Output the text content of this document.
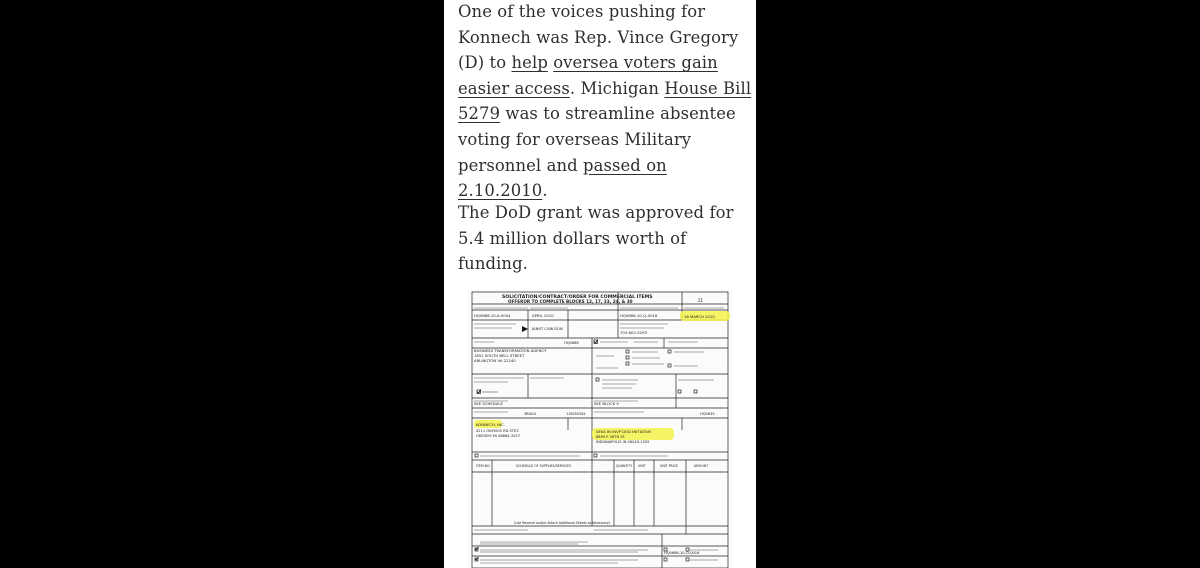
One of the voices pushing for Konnech was Rep. Vince Gregory (D) to help oversea voters gain easier access. Michigan House Bill 5279 was to streamline absentee voting for overseas Military personnel and passed on 2.10.2010.

The DoD grant was approved for 5.4 million dollars worth of funding.

SOLICITATION/CONTRACT/ORDER FOR COMMERCIAL ITEMS
OFFEROR TO COMPLETE BLOCKS 12, 17, 23, 24, & 30	21
HQ0686-10-A-0004	APRIL 2010	HQ0686-10-Q-0016	16 MARCH 2010
JANET CARLSON
703-602-5293
HQ0686
BUSINESS TRANSFORMATION AGENCY
1851 SOUTH BELL STREET
ARLINGTON VA 22240
SEE SCHEDULE	SEE BLOCK 9
3RDD4	118050354
KONNECH, INC.
4211 OKEMOS RD STE3
OKEMOS MI 48864-3257
DFAS IN INVP DOD INITIATIVE
8899 E 56TH ST.
INDIANAPOLIS IN 46249-1505
HQ0635
ITEM NO.	SCHEDULE OF SUPPLIES/SERVICES	QUANTITY UNIT	UNIT PRICE	AMOUNT
(Use Reverse and/or Attach Additional Sheets as Necessary)
HQ0686-10-Q-0016
